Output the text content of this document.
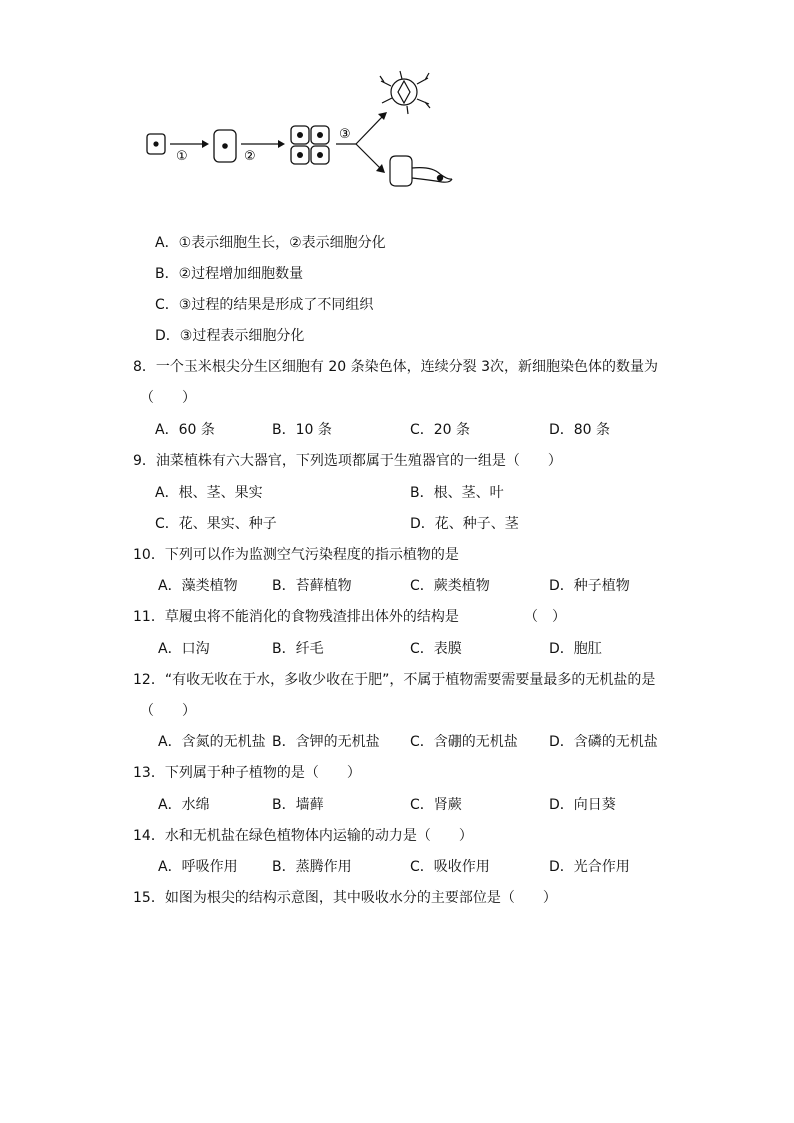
①	②
③
A．①表示细胞生长，②表示细胞分化
B．②过程增加细胞数量
C．③过程的结果是形成了不同组织
D．③过程表示细胞分化
8．一个玉米根尖分生区细胞有 20 条染色体，连续分裂 3次，新细胞染色体的数量为
（　　）
A．60 条	B．10 条	C．20 条	D．80 条
9．油菜植株有六大器官，下列选项都属于生殖器官的一组是（　　）
A．根、茎、果实	B．根、茎、叶
C．花、果实、种子	D．花、种子、茎
10．下列可以作为监测空气污染程度的指示植物的是
A．藻类植物 B．苔藓植物	C．蕨类植物	D．种子植物
11．草履虫将不能消化的食物残渣排出体外的结构是	（　）
A．口沟	B．纤毛	C．表膜	D．胞肛
12．“有收无收在于水，多收少收在于肥”，不属于植物需要需要量最多的无机盐的是
（　　）
A．含氮的无机盐 B．含钾的无机盐 C．含硼的无机盐 D．含磷的无机盐
13．下列属于种子植物的是（　　）
A．水绵	B．墙藓	C．肾蕨	D．向日葵
14．水和无机盐在绿色植物体内运输的动力是（　　）
A．呼吸作用 B．蒸腾作用	C．吸收作用	D．光合作用
15．如图为根尖的结构示意图，其中吸收水分的主要部位是（　　）
